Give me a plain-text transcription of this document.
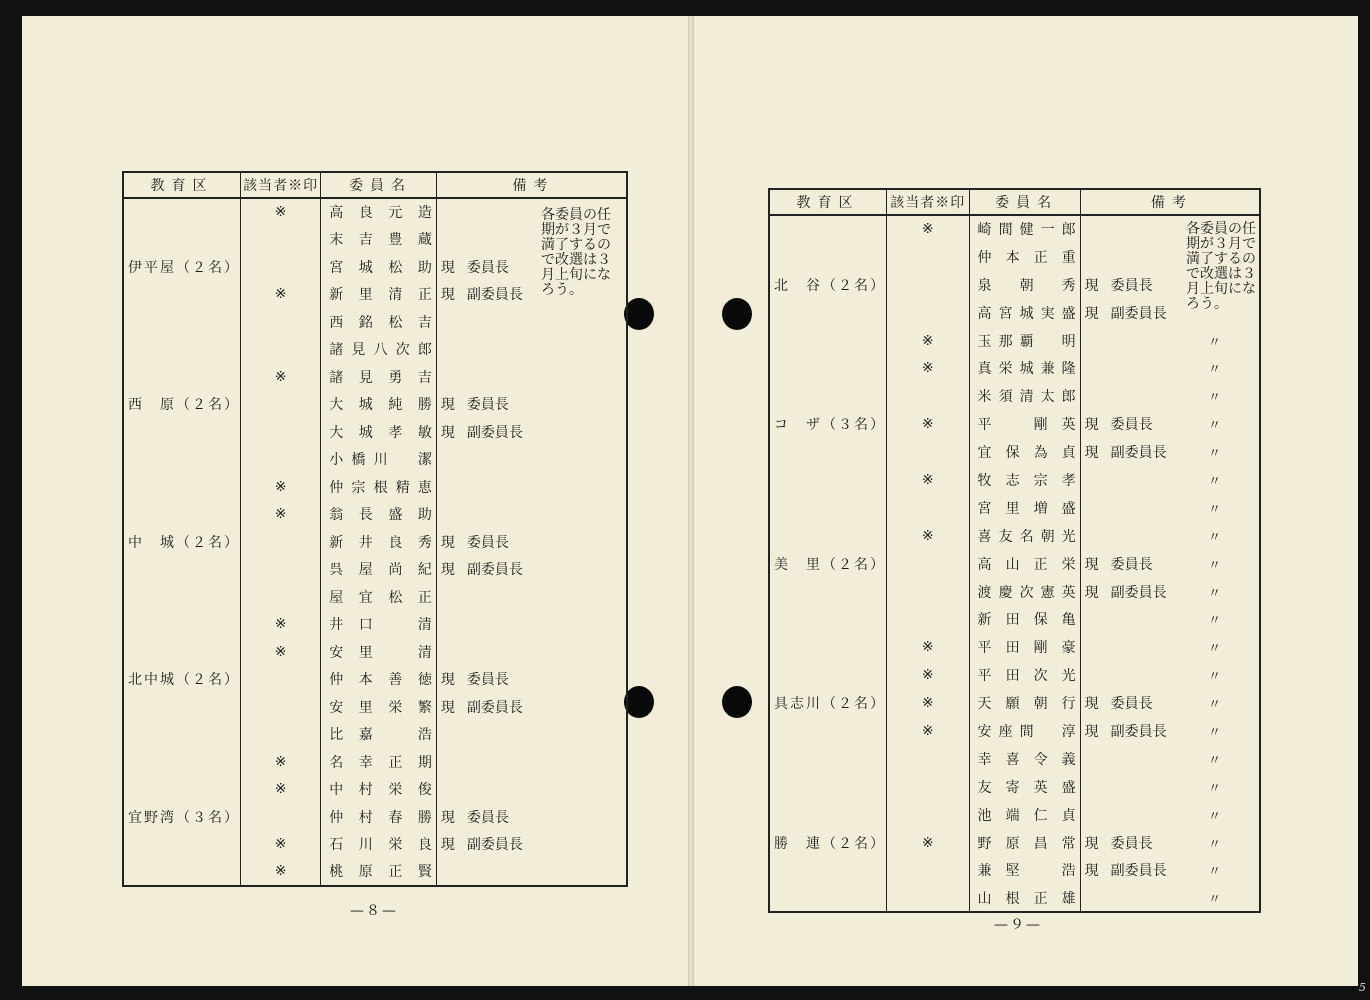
教育区	該当者※印	委員名	備考
	※	高良元造	

		末吉豊蔵	

伊平屋（２名）		宮城松助	現 委員長

	※	新里清正	現 副委員長

		西銘松吉	

		諸見八次郎	

	※	諸見勇吉	

西　原（２名）		大城純勝	現 委員長

		大城孝敏	現 副委員長

		小橋川　潔	

	※	仲宗根精恵	

	※	翁長盛助	

中　城（２名）		新井良秀	現 委員長

		呉屋尚紀	現 副委員長

		屋宜松正	

	※	井口　清	

	※	安里　清	

北中城（２名）		仲本善徳	現 委員長

		安里栄繁	現 副委員長

		比嘉　浩	

	※	名幸正期	

	※	中村栄俊	

宜野湾（３名）		仲村春勝	現 委員長

	※	石川栄良	現 副委員長

	※	桃原正賢	
各委員の任期が３月で満了するので改選は３月上旬になろう。
—８—
教育区	該当者※印	委員名	備考
	※	崎間健一郎	

		仲本正重	

北　谷（２名）		泉朝秀	現 委員長

		高宮城実盛	現 副委員長

	※	玉那覇　明	〃

	※	真栄城兼隆	〃

		米須清太郎	〃

コ　ザ（３名）	※	平　剛英	現 委員長 〃

		宜保為貞	現 副委員長 〃

	※	牧志宗孝	〃

		宮里増盛	〃

	※	喜友名朝光	〃

美　里（２名）		高山正栄	現 委員長 〃

		渡慶次憲英	現 副委員長 〃

		新田保亀	〃

	※	平田剛豪	〃

	※	平田次光	〃

具志川（２名）	※	天願朝行	現 委員長 〃

	※	安座間　淳	現 副委員長 〃

		幸喜令義	〃

		友寄英盛	〃

		池端仁貞	〃

勝　連（２名）	※	野原昌常	現 委員長 〃

		兼堅　浩	現 副委員長 〃

		山根正雄	〃
各委員の任期が３月で満了するので改選は３月上旬になろう。
—９—
5
